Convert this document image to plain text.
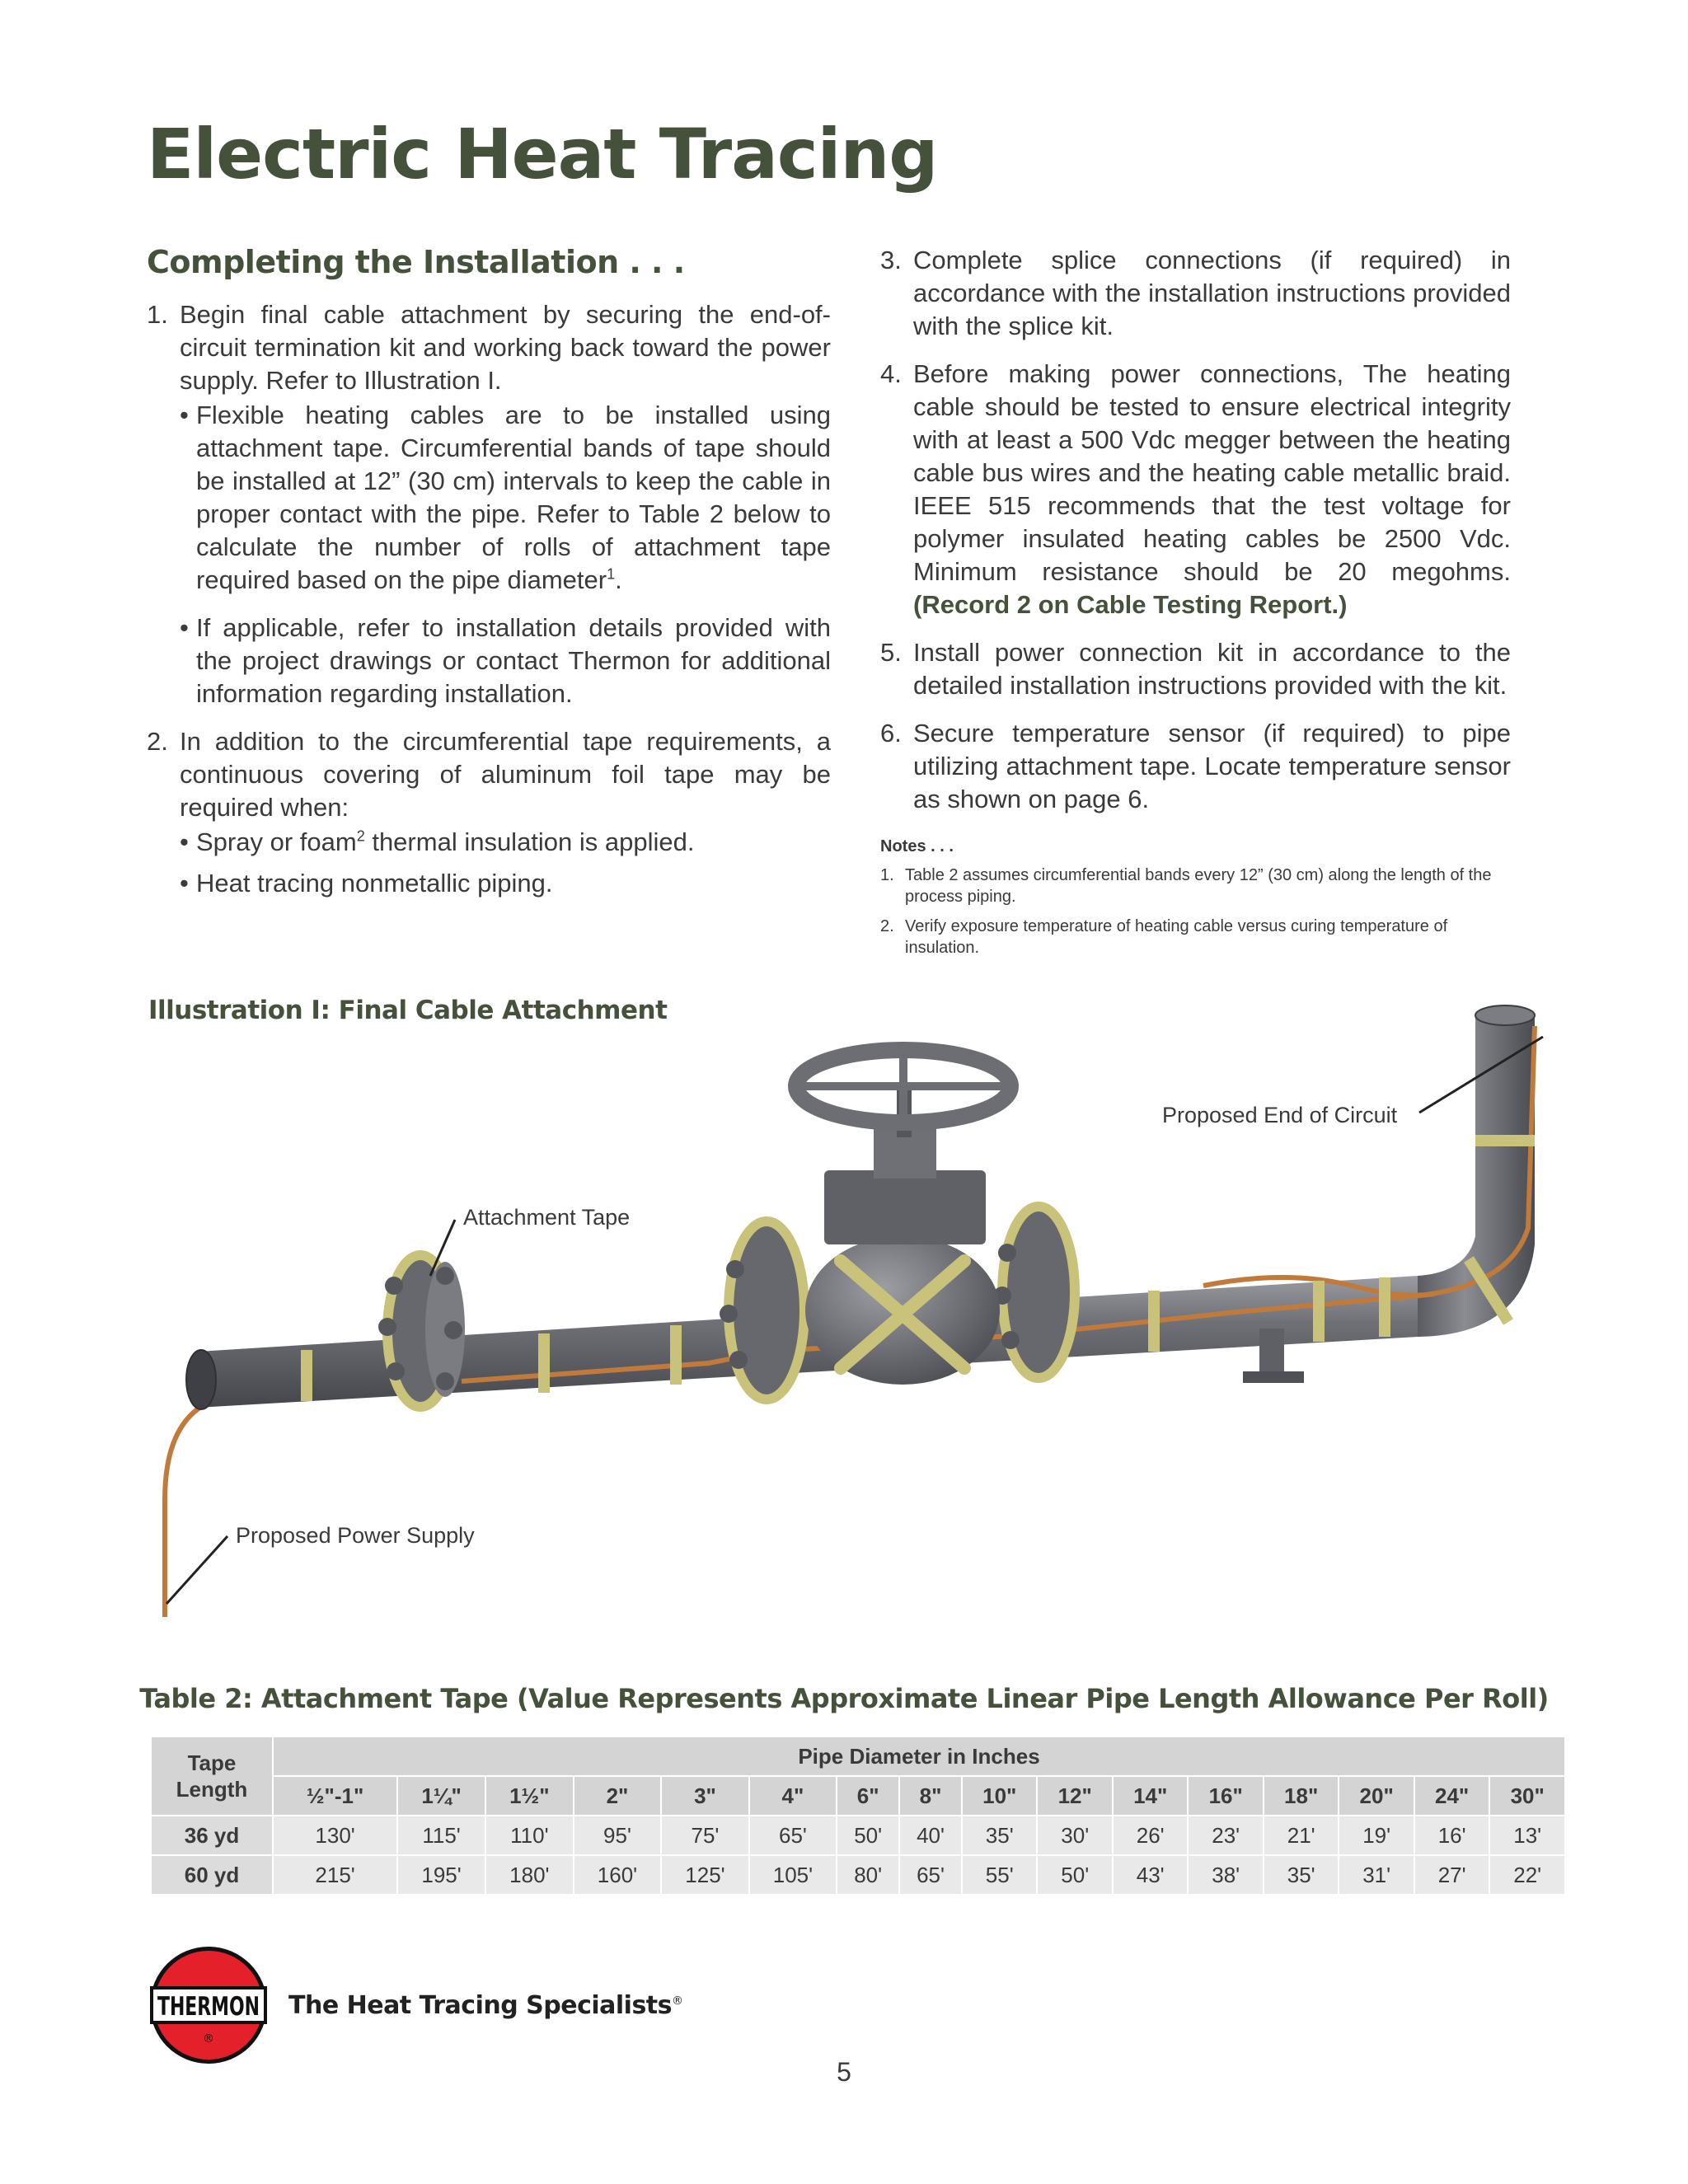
Electric Heat Tracing
Completing the Installation . . .
1. Begin final cable attachment by securing the end-of-circuit termination kit and working back toward the power supply. Refer to Illustration I.
• Flexible heating cables are to be installed using attachment tape. Circumferential bands of tape should be installed at 12” (30 cm) intervals to keep the cable in proper contact with the pipe. Refer to Table 2 below to calculate the number of rolls of attachment tape required based on the pipe diameter$^1$.
• If applicable, refer to installation details provided with the project drawings or contact Thermon for additional information regarding installation.
2. In addition to the circumferential tape requirements, a continuous covering of aluminum foil tape may be required when:
• Spray or foam$^2$ thermal insulation is applied.
• Heat tracing nonmetallic piping.
3. Complete splice connections (if required) in accordance with the installation instructions provided with the splice kit.
4. Before making power connections, The heating cable should be tested to ensure electrical integrity with at least a 500 Vdc megger between the heating cable bus wires and the heating cable metallic braid. IEEE 515 recommends that the test voltage for polymer insulated heating cables be 2500 Vdc. Minimum resistance should be 20 megohms. (Record 2 on Cable Testing Report.)
5. Install power connection kit in accordance to the detailed installation instructions provided with the kit.
6. Secure temperature sensor (if required) to pipe utilizing attachment tape. Locate temperature sensor as shown on page 6.
Notes . . .
1. Table 2 assumes circumferential bands every 12” (30 cm) along the length of the process piping.
2. Verify exposure temperature of heating cable versus curing temperature of insulation.
Illustration I: Final Cable Attachment
Proposed End of Circuit
Attachment Tape
Proposed Power Supply
Table 2: Attachment Tape (Value Represents Approximate Linear Pipe Length Allowance Per Roll)
Tape
Length	Pipe Diameter in Inches															
	½"-1"	1¼"	1½"	2"	3"	4"	6"	8"	10"	12"	14"	16"	18"	20"	24"	30"
36 yd	130'	115'	110'	95'	75'	65'	50'	40'	35'	30'	26'	23'	21'	19'	16'	13'
60 yd	215'	195'	180'	160'	125'	105'	80'	65'	55'	50'	43'	38'	35'	31'	27'	22'
THERMON
®
The Heat Tracing Specialists®
5
